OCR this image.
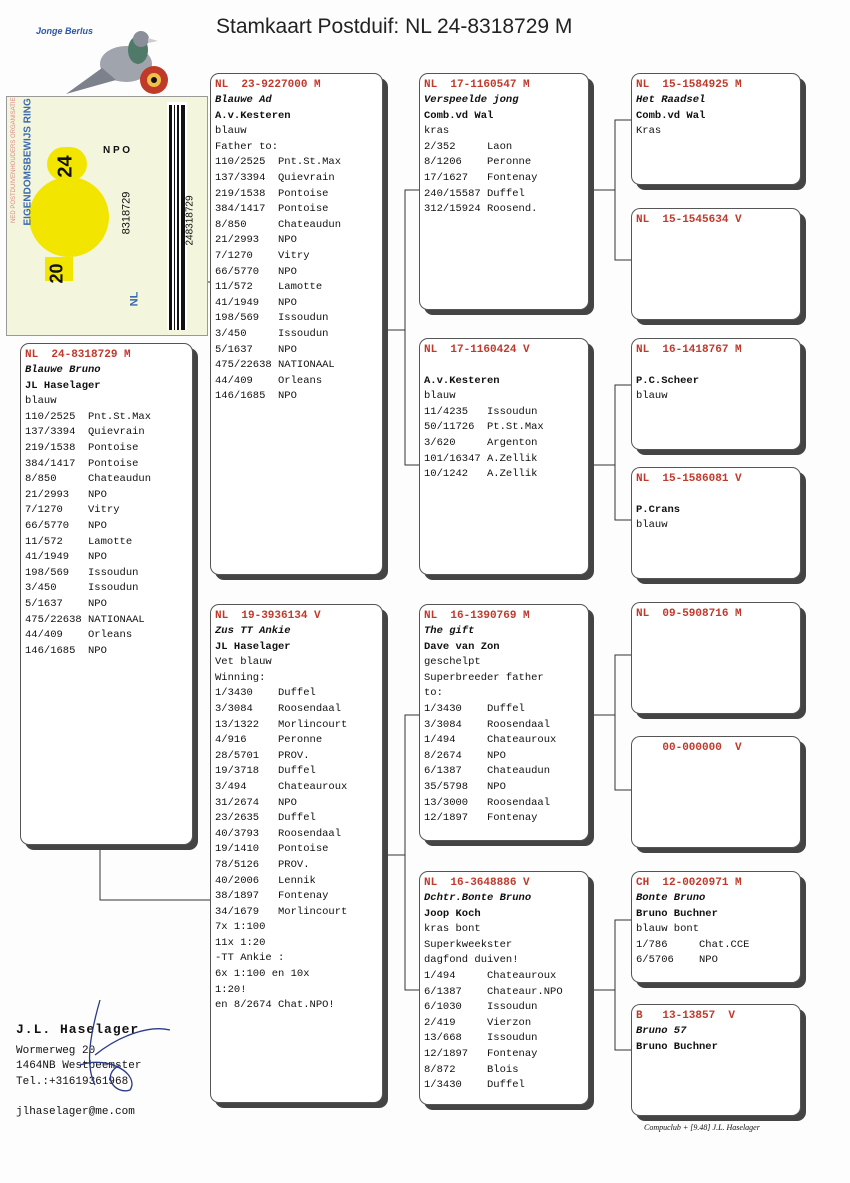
Stamkaart Postduif: NL 24-8318729 M
Jonge Berlus
24
20
8318729	248318729
NL
N P O
NL  24-8318729 M
Blauwe Bruno
JL Haselager
blauw
110/2525  Pnt.St.Max
137/3394  Quievrain
219/1538  Pontoise
384/1417  Pontoise
8/850     Chateaudun
21/2993   NPO
7/1270    Vitry
66/5770   NPO
11/572    Lamotte
41/1949   NPO
198/569   Issoudun
3/450     Issoudun
5/1637    NPO
475/22638 NATIONAAL
44/409    Orleans
146/1685  NPO
NL  23-9227000 M
Blauwe Ad
A.v.Kesteren
blauw
Father to:
110/2525  Pnt.St.Max
137/3394  Quievrain
219/1538  Pontoise
384/1417  Pontoise
8/850     Chateaudun
21/2993   NPO
7/1270    Vitry
66/5770   NPO
11/572    Lamotte
41/1949   NPO
198/569   Issoudun
3/450     Issoudun
5/1637    NPO
475/22638 NATIONAAL
44/409    Orleans
146/1685  NPO
NL  19-3936134 V
Zus TT Ankie
JL Haselager
Vet blauw
Winning:
1/3430    Duffel
3/3084    Roosendaal
13/1322   Morlincourt
4/916     Peronne
28/5701   PROV.
19/3718   Duffel
3/494     Chateauroux
31/2674   NPO
23/2635   Duffel
40/3793   Roosendaal
19/1410   Pontoise
78/5126   PROV.
40/2006   Lennik
38/1897   Fontenay
34/1679   Morlincourt
7x 1:100
11x 1:20
-TT Ankie :
6x 1:100 en 10x
1:20!
en 8/2674 Chat.NPO!
NL  17-1160547 M
Verspeelde jong
Comb.vd Wal
kras
2/352     Laon
8/1206    Peronne
17/1627   Fontenay
240/15587 Duffel
312/15924 Roosend.
NL  17-1160424 V
A.v.Kesteren
blauw
11/4235   Issoudun
50/11726  Pt.St.Max
3/620     Argenton
101/16347 A.Zellik
10/1242   A.Zellik
NL  16-1390769 M
The gift
Dave van Zon
geschelpt
Superbreeder father
to:
1/3430    Duffel
3/3084    Roosendaal
1/494     Chateauroux
8/2674    NPO
6/1387    Chateaudun
35/5798   NPO
13/3000   Roosendaal
12/1897   Fontenay
NL  16-3648886 V
Dchtr.Bonte Bruno
Joop Koch
kras bont
Superkweekster
dagfond duiven!
1/494     Chateauroux
6/1387    Chateaur.NPO
6/1030    Issoudun
2/419     Vierzon
13/668    Issoudun
12/1897   Fontenay
8/872     Blois
1/3430    Duffel
NL  15-1584925 M
Het Raadsel
Comb.vd Wal
Kras
NL  15-1545634 V
NL  16-1418767 M
P.C.Scheer
blauw
NL  15-1586081 V
P.Crans
blauw
NL  09-5908716 M
00-000000  V
CH  12-0020971 M
Bonte Bruno
Bruno Buchner
blauw bont
1/786     Chat.CCE
6/5706    NPO
B   13-13857  V
Bruno 57
Bruno Buchner
J.L. Haselager
Wormerweg 20
1464NB Westbeemster
Tel.:+31619361968
jlhaselager@me.com
Compuclub + [9.48] J.L. Haselager
